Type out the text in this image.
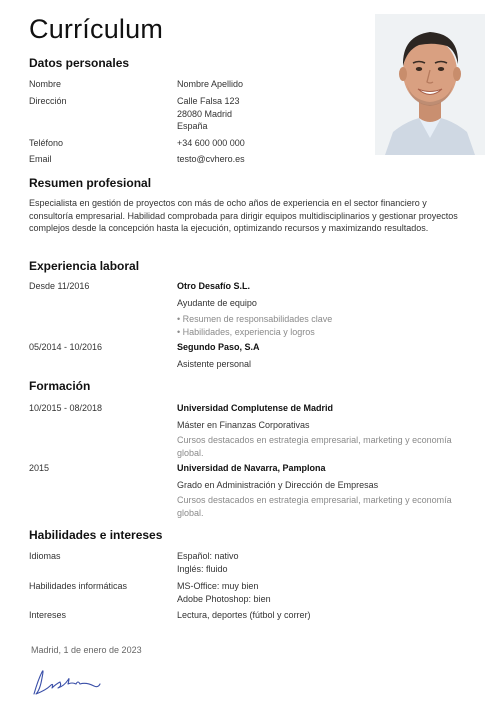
Currículum
Datos personales
Nombre	Nombre Apellido
Dirección	Calle Falsa 123
28080 Madrid
España
Teléfono	+34 600 000 000
Email	testo@cvhero.es
Resumen profesional
Especialista en gestión de proyectos con más de ocho años de experiencia en el sector financiero y consultoría empresarial. Habilidad comprobada para dirigir equipos multidisciplinarios y gestionar proyectos complejos desde la concepción hasta la ejecución, optimizando recursos y maximizando resultados.
Experiencia laboral
Desde 11/2016	Otro Desafío S.L.
Ayudante de equipo
• Resumen de responsabilidades clave
• Habilidades, experiencia y logros
05/2014 - 10/2016	Segundo Paso, S.A
Asistente personal
Formación
10/2015 - 08/2018	Universidad Complutense de Madrid
Máster en Finanzas Corporativas
Cursos destacados en estrategia empresarial, marketing y economía global.
2015	Universidad de Navarra, Pamplona
Grado en Administración y Dirección de Empresas
Cursos destacados en estrategia empresarial, marketing y economía global.
Habilidades e intereses
Idiomas	Español: nativo
Inglés: fluido
Habilidades informáticas	MS-Office: muy bien
Adobe Photoshop: bien
Intereses	Lectura, deportes (fútbol y correr)
Madrid, 1 de enero de 2023
